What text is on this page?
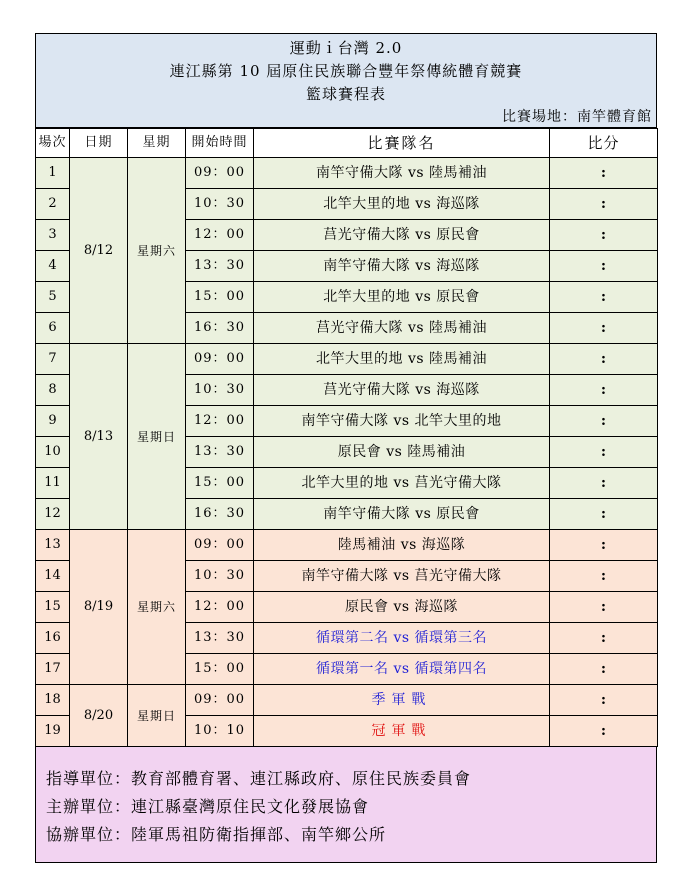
運動ｉ台灣 2.0
連江縣第 10 屆原住民族聯合豐年祭傳統體育競賽
籃球賽程表
比賽場地：南竿體育館
場次	日期	星期	開始時間	比賽隊名	比分
1	8/12	星期六	09：00	南竿守備大隊 vs 陸馬補油	:
2			10：30	北竿大里的地 vs 海巡隊	:
3			12：00	莒光守備大隊 vs 原民會	:
4			13：30	南竿守備大隊 vs 海巡隊	:
5			15：00	北竿大里的地 vs 原民會	:
6			16：30	莒光守備大隊 vs 陸馬補油	:
7	8/13	星期日	09：00	北竿大里的地 vs 陸馬補油	:
8			10：30	莒光守備大隊 vs 海巡隊	:
9			12：00	南竿守備大隊 vs 北竿大里的地	:
10			13：30	原民會 vs 陸馬補油	:
11			15：00	北竿大里的地 vs 莒光守備大隊	:
12			16：30	南竿守備大隊 vs 原民會	:
13	8/19	星期六	09：00	陸馬補油 vs 海巡隊	:
14			10：30	南竿守備大隊 vs 莒光守備大隊	:
15			12：00	原民會 vs 海巡隊	:
16			13：30	循環第二名 vs 循環第三名	:
17			15：00	循環第一名 vs 循環第四名	:
18	8/20	星期日	09：00	季軍戰	:
19			10：10	冠軍戰	:
指導單位：教育部體育署、連江縣政府、原住民族委員會
主辦單位：連江縣臺灣原住民文化發展協會
協辦單位：陸軍馬祖防衛指揮部、南竿鄉公所
